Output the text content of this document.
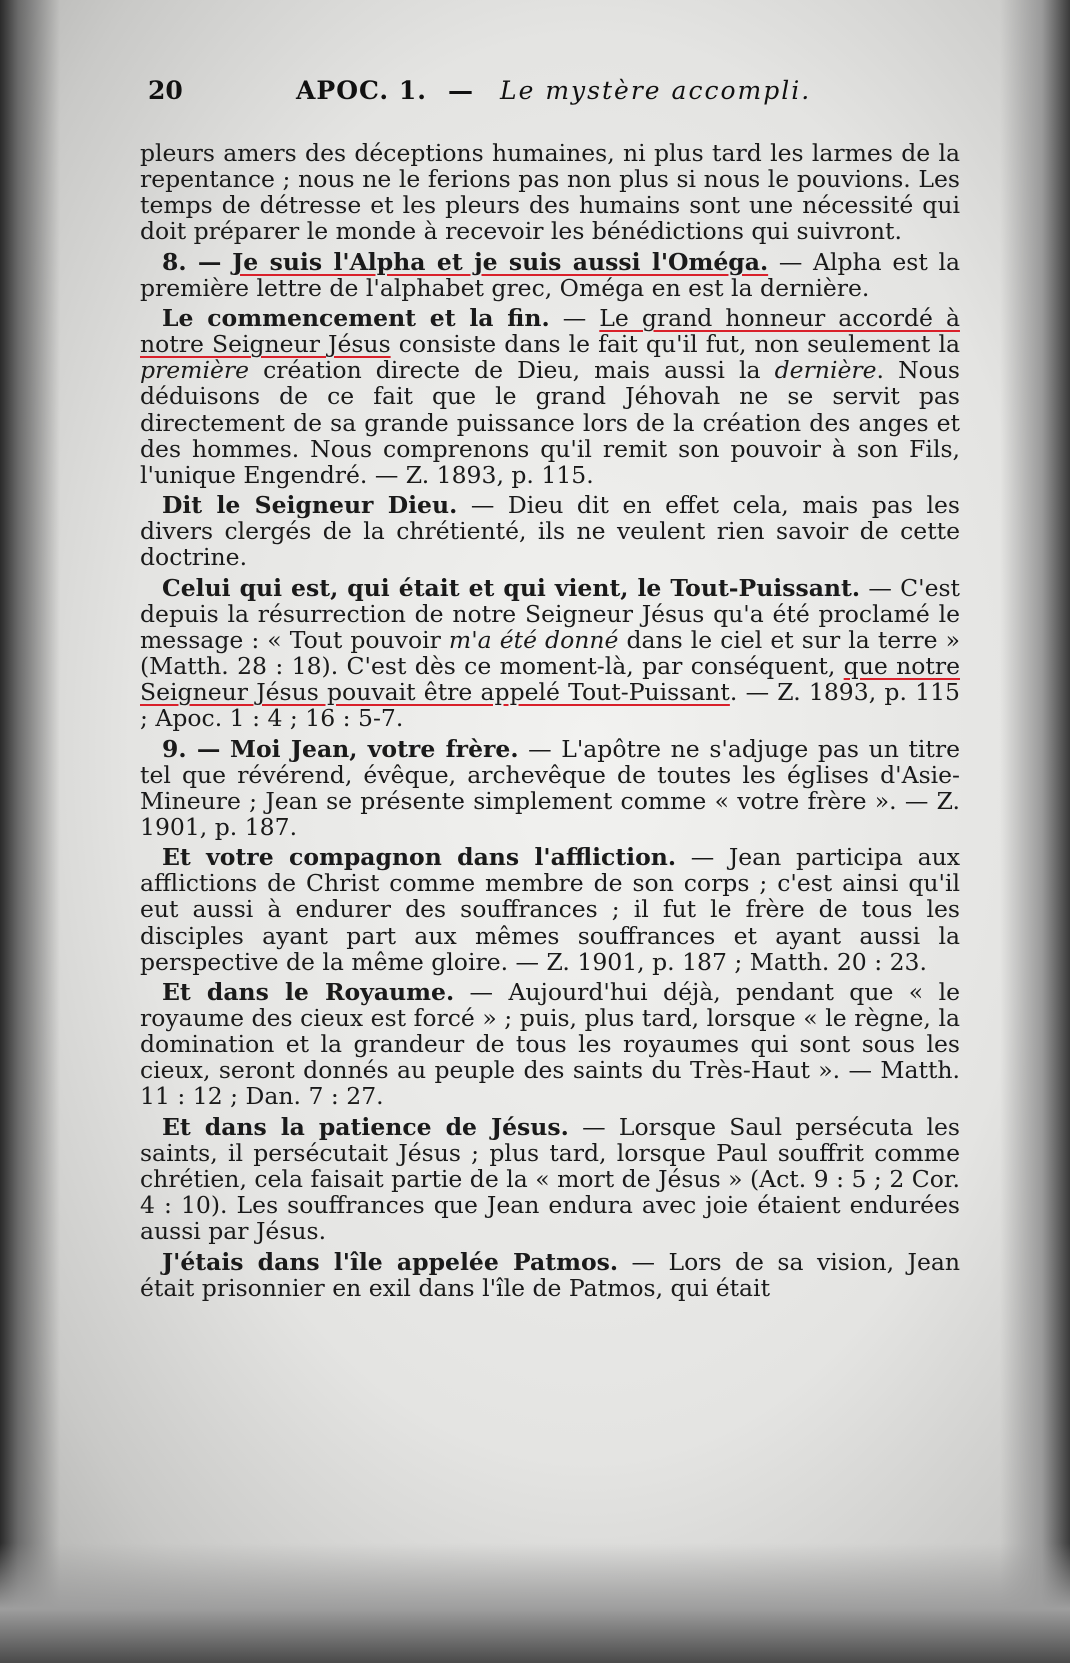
20	APOC. 1. — Le mystère accompli.

pleurs amers des déceptions humaines, ni plus tard les larmes de la repentance ; nous ne le ferions pas non plus si nous le pouvions. Les temps de détresse et les pleurs des humains sont une nécessité qui doit préparer le monde à recevoir les bénédictions qui suivront.

8. — Je suis l'Alpha et je suis aussi l'Oméga. — Alpha est la première lettre de l'alphabet grec, Oméga en est la dernière.

Le commencement et la fin. — Le grand honneur accordé à notre Seigneur Jésus consiste dans le fait qu'il fut, non seulement la première création directe de Dieu, mais aussi la dernière. Nous déduisons de ce fait que le grand Jéhovah ne se servit pas directement de sa grande puissance lors de la création des anges et des hommes. Nous comprenons qu'il remit son pouvoir à son Fils, l'unique Engendré. — Z. 1893, p. 115.

Dit le Seigneur Dieu. — Dieu dit en effet cela, mais pas les divers clergés de la chrétienté, ils ne veulent rien savoir de cette doctrine.

Celui qui est, qui était et qui vient, le Tout-Puissant. — C'est depuis la résurrection de notre Seigneur Jésus qu'a été proclamé le message : « Tout pouvoir m'a été donné dans le ciel et sur la terre » (Matth. 28 : 18). C'est dès ce moment-là, par conséquent, que notre Seigneur Jésus pouvait être appelé Tout-Puissant. — Z. 1893, p. 115 ; Apoc. 1 : 4 ; 16 : 5-7.

9. — Moi Jean, votre frère. — L'apôtre ne s'adjuge pas un titre tel que révérend, évêque, archevêque de toutes les églises d'Asie-Mineure ; Jean se présente simplement comme « votre frère ». — Z. 1901, p. 187.

Et votre compagnon dans l'affliction. — Jean participa aux afflictions de Christ comme membre de son corps ; c'est ainsi qu'il eut aussi à endurer des souffrances ; il fut le frère de tous les disciples ayant part aux mêmes souffrances et ayant aussi la perspective de la même gloire. — Z. 1901, p. 187 ; Matth. 20 : 23.

Et dans le Royaume. — Aujourd'hui déjà, pendant que « le royaume des cieux est forcé » ; puis, plus tard, lorsque « le règne, la domination et la grandeur de tous les royaumes qui sont sous les cieux, seront donnés au peuple des saints du Très-Haut ». — Matth. 11 : 12 ; Dan. 7 : 27.

Et dans la patience de Jésus. — Lorsque Saul persécuta les saints, il persécutait Jésus ; plus tard, lorsque Paul souffrit comme chrétien, cela faisait partie de la « mort de Jésus » (Act. 9 : 5 ; 2 Cor. 4 : 10). Les souffrances que Jean endura avec joie étaient endurées aussi par Jésus.

J'étais dans l'île appelée Patmos. — Lors de sa vision, Jean était prisonnier en exil dans l'île de Patmos, qui était
